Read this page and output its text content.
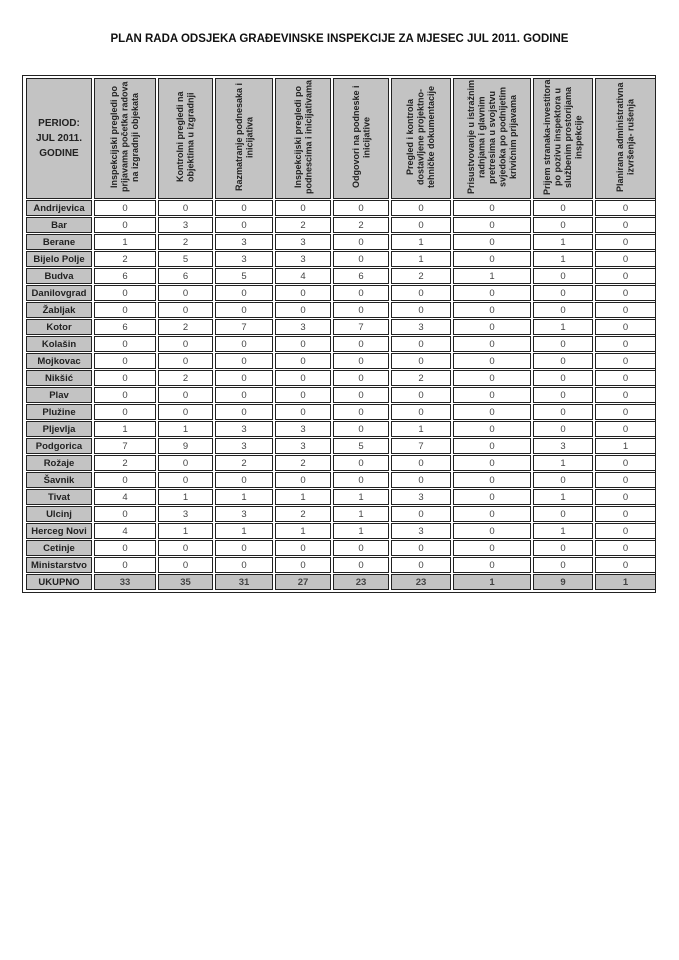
PLAN RADA ODSJEKA GRAĐEVINSKE INSPEKCIJE ZA MJESEC JUL 2011. GODINE
PERIOD:
JUL 2011.
GODINE	Inspekcijski pregledi po prijavama početka radova na izgradnji objekata	Kontrolni pregledi na objektima u izgradnji	Razmatranje podnesaka i inicijativa	Inspekcijski pregledi po podnescima i inicijativama	Odgovori na podneske i inicijative	Pregled i kontrola dostavljene projektno-tehničke dokumentacije	Prisustvovanje u istražnim radnjama i glavnim pretresima u svojstvu svjedoka po podnijetim krivičnim prijavama	Prijem stranaka-investitora po pozivu inspektora u službenim prostorijama inspekcije	Planirana administrativna izvršenja- rušenja
Andrijevica	0	0	0	0	0	0	0	0	0
Bar	0	3	0	2	2	0	0	0	0
Berane	1	2	3	3	0	1	0	1	0
Bijelo Polje	2	5	3	3	0	1	0	1	0
Budva	6	6	5	4	6	2	1	0	0
Danilovgrad	0	0	0	0	0	0	0	0	0
Žabljak	0	0	0	0	0	0	0	0	0
Kotor	6	2	7	3	7	3	0	1	0
Kolašin	0	0	0	0	0	0	0	0	0
Mojkovac	0	0	0	0	0	0	0	0	0
Nikšić	0	2	0	0	0	2	0	0	0
Plav	0	0	0	0	0	0	0	0	0
Plužine	0	0	0	0	0	0	0	0	0
Pljevlja	1	1	3	3	0	1	0	0	0
Podgorica	7	9	3	3	5	7	0	3	1
Rožaje	2	0	2	2	0	0	0	1	0
Šavnik	0	0	0	0	0	0	0	0	0
Tivat	4	1	1	1	1	3	0	1	0
Ulcinj	0	3	3	2	1	0	0	0	0
Herceg Novi	4	1	1	1	1	3	0	1	0
Cetinje	0	0	0	0	0	0	0	0	0
Ministarstvo	0	0	0	0	0	0	0	0	0
UKUPNO	33	35	31	27	23	23	1	9	1
